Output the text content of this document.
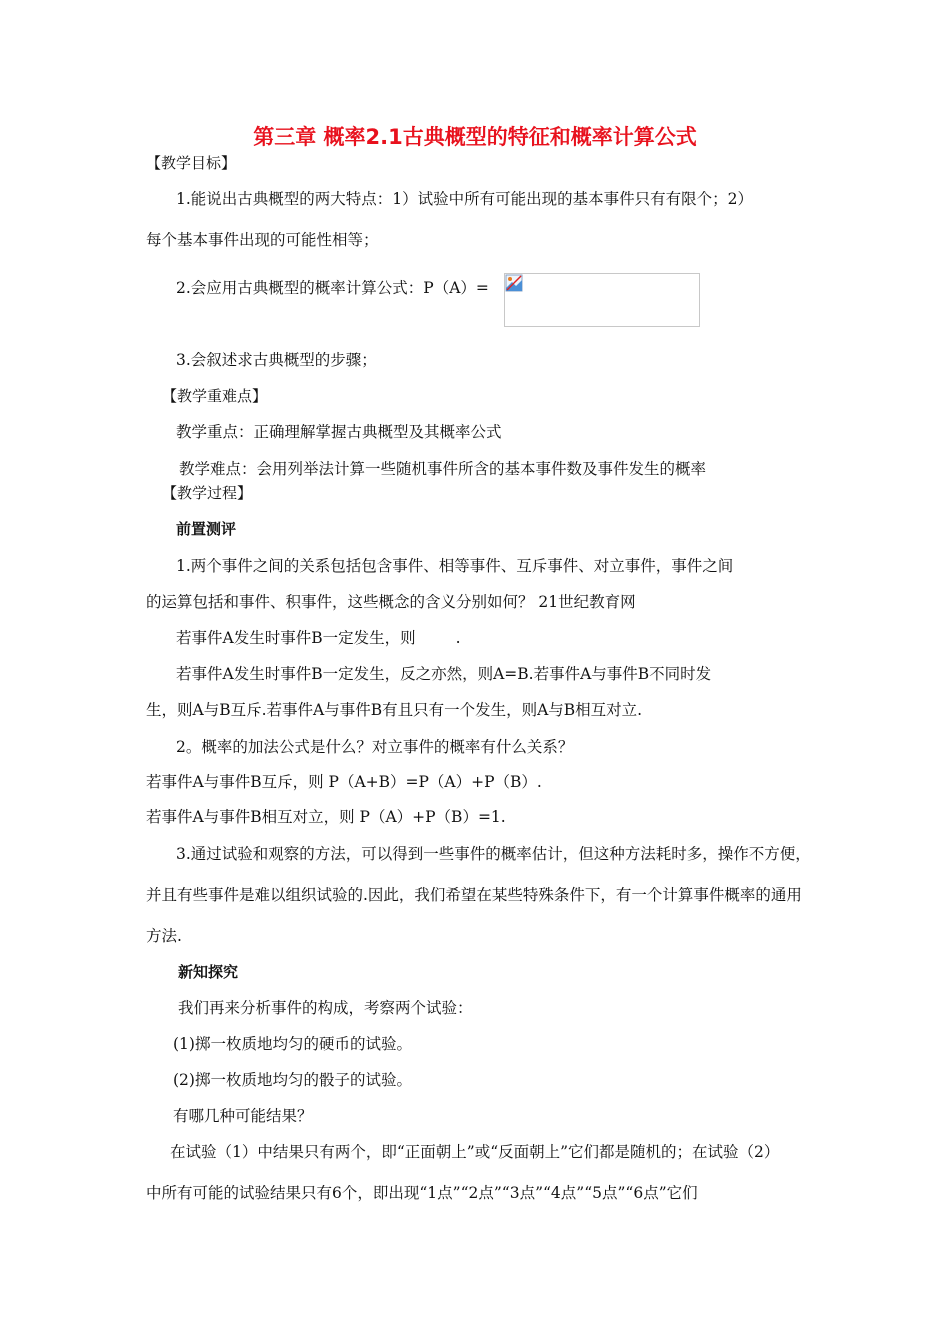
第三章 概率2.1古典概型的特征和概率计算公式
【教学目标】
1.能说出古典概型的两大特点：1）试验中所有可能出现的基本事件只有有限个；2）
每个基本事件出现的可能性相等；
2.会应用古典概型的概率计算公式：P（A）=
3.会叙述求古典概型的步骤；
【教学重难点】
教学重点：正确理解掌握古典概型及其概率公式
教学难点：会用列举法计算一些随机事件所含的基本事件数及事件发生的概率
【教学过程】
前置测评
1.两个事件之间的关系包括包含事件、相等事件、互斥事件、对立事件，事件之间
的运算包括和事件、积事件，这些概念的含义分别如何？ 21世纪教育网
若事件A发生时事件B一定发生，则	.
若事件A发生时事件B一定发生，反之亦然，则A=B.若事件A与事件B不同时发
生，则A与B互斥.若事件A与事件B有且只有一个发生，则A与B相互对立.
2。概率的加法公式是什么？对立事件的概率有什么关系？
若事件A与事件B互斥，则 P（A+B）=P（A）+P（B）.
若事件A与事件B相互对立，则 P（A）+P（B）=1.
3.通过试验和观察的方法，可以得到一些事件的概率估计，但这种方法耗时多，操作不方便，
并且有些事件是难以组织试验的.因此，我们希望在某些特殊条件下，有一个计算事件概率的通用
方法.
新知探究
我们再来分析事件的构成，考察两个试验：
(1)掷一枚质地均匀的硬币的试验。
(2)掷一枚质地均匀的骰子的试验。
有哪几种可能结果？
在试验（1）中结果只有两个，即“正面朝上”或“反面朝上”它们都是随机的；在试验（2）
中所有可能的试验结果只有6个，即出现“1点”“2点”“3点”“4点”“5点”“6点”它们
